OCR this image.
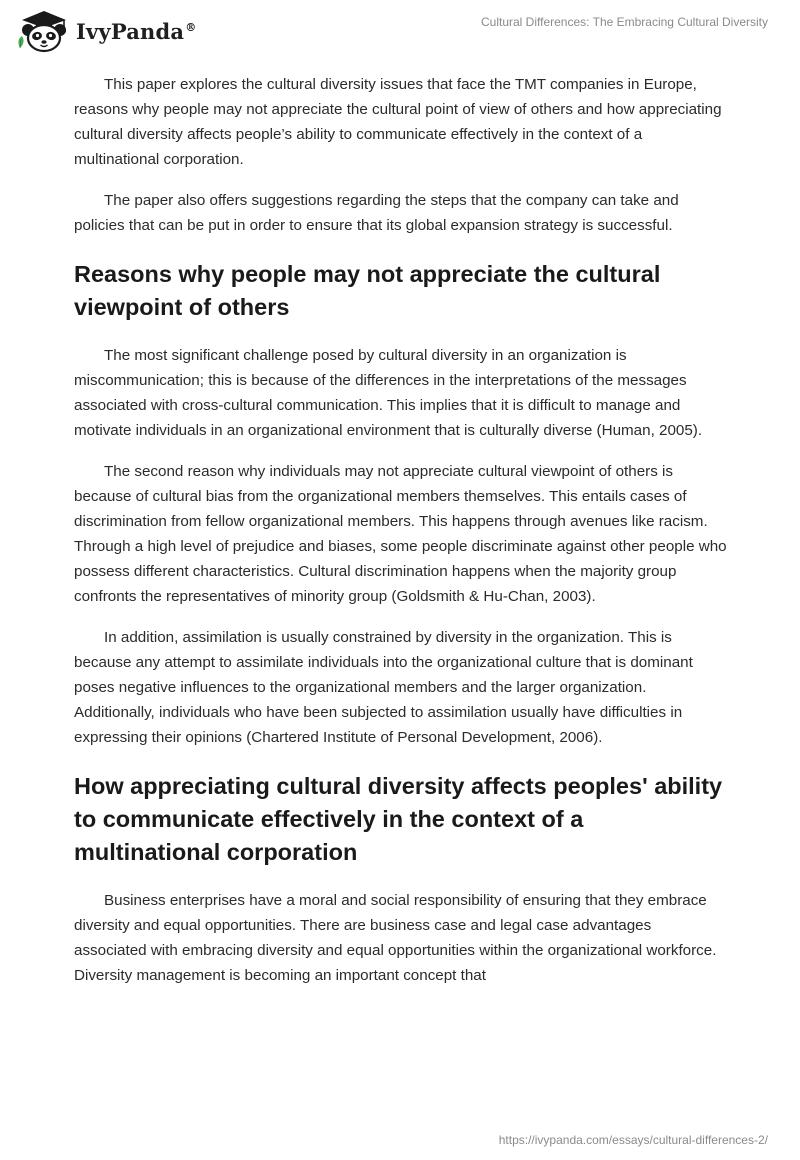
IvyPanda®	Cultural Differences: The Embracing Cultural Diversity

This paper explores the cultural diversity issues that face the TMT companies in Europe, reasons why people may not appreciate the cultural point of view of others and how appreciating cultural diversity affects people’s ability to communicate effectively in the context of a multinational corporation.

The paper also offers suggestions regarding the steps that the company can take and policies that can be put in order to ensure that its global expansion strategy is successful.

Reasons why people may not appreciate the cultural viewpoint of others

The most significant challenge posed by cultural diversity in an organization is miscommunication; this is because of the differences in the interpretations of the messages associated with cross-cultural communication. This implies that it is difficult to manage and motivate individuals in an organizational environment that is culturally diverse (Human, 2005).

The second reason why individuals may not appreciate cultural viewpoint of others is because of cultural bias from the organizational members themselves. This entails cases of discrimination from fellow organizational members. This happens through avenues like racism. Through a high level of prejudice and biases, some people discriminate against other people who possess different characteristics. Cultural discrimination happens when the majority group confronts the representatives of minority group (Goldsmith & Hu-Chan, 2003).

In addition, assimilation is usually constrained by diversity in the organization. This is because any attempt to assimilate individuals into the organizational culture that is dominant poses negative influences to the organizational members and the larger organization. Additionally, individuals who have been subjected to assimilation usually have difficulties in expressing their opinions (Chartered Institute of Personal Development, 2006).

How appreciating cultural diversity affects peoples' ability to communicate effectively in the context of a multinational corporation

Business enterprises have a moral and social responsibility of ensuring that they embrace diversity and equal opportunities. There are business case and legal case advantages associated with embracing diversity and equal opportunities within the organizational workforce. Diversity management is becoming an important concept that

https://ivypanda.com/essays/cultural-differences-2/
